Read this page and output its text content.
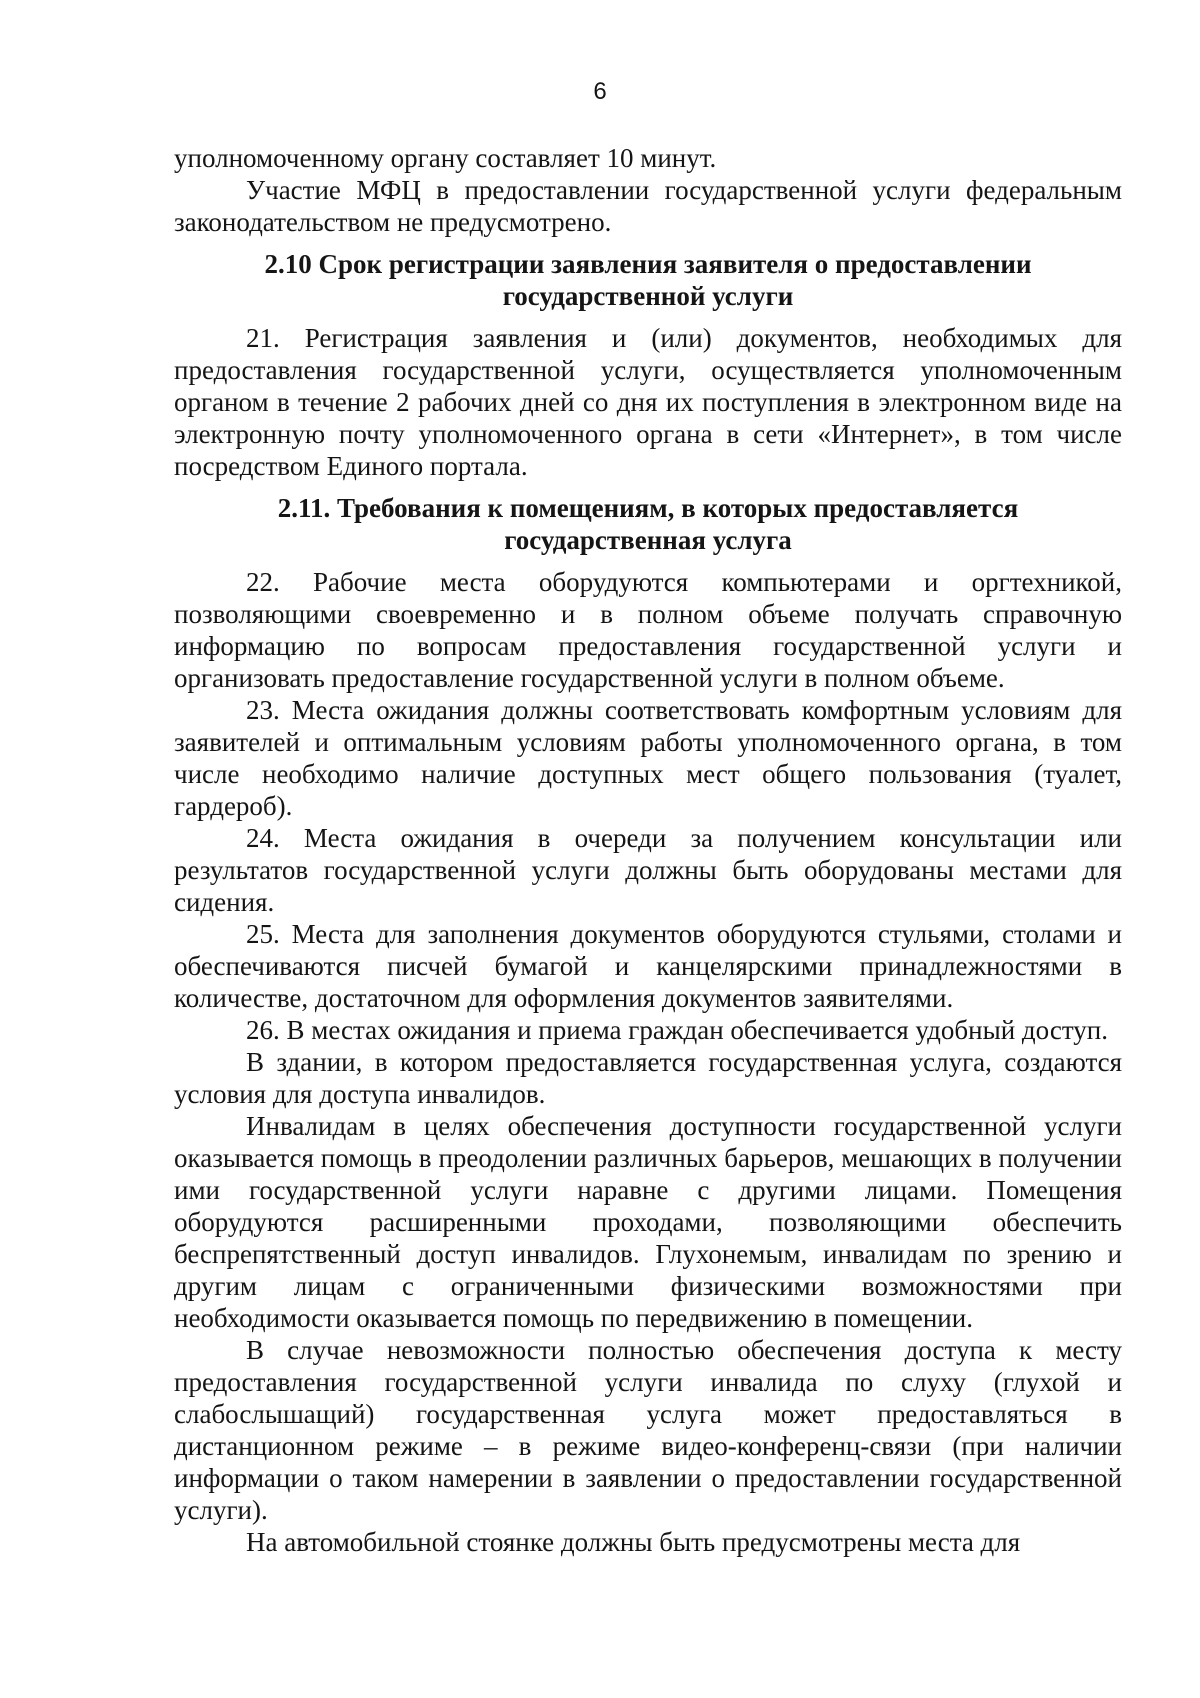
6

уполномоченному органу составляет 10 минут.

Участие МФЦ в предоставлении государственной услуги федеральным законодательством не предусмотрено.

2.10 Срок регистрации заявления заявителя о предоставлении
государственной услуги

21. Регистрация заявления и (или) документов, необходимых для предоставления государственной услуги, осуществляется уполномоченным органом в течение 2 рабочих дней со дня их поступления в электронном виде на электронную почту уполномоченного органа в сети «Интернет», в том числе посредством Единого портала.

2.11. Требования к помещениям, в которых предоставляется
государственная услуга

22. Рабочие места оборудуются компьютерами и оргтехникой, позволяющими своевременно и в полном объеме получать справочную информацию по вопросам предоставления государственной услуги и организовать предоставление государственной услуги в полном объеме.

23. Места ожидания должны соответствовать комфортным условиям для заявителей и оптимальным условиям работы уполномоченного органа, в том числе необходимо наличие доступных мест общего пользования (туалет, гардероб).

24. Места ожидания в очереди за получением консультации или результатов государственной услуги должны быть оборудованы местами для сидения.

25. Места для заполнения документов оборудуются стульями, столами и обеспечиваются писчей бумагой и канцелярскими принадлежностями в количестве, достаточном для оформления документов заявителями.

26. В местах ожидания и приема граждан обеспечивается удобный доступ.

В здании, в котором предоставляется государственная услуга, создаются условия для доступа инвалидов.

Инвалидам в целях обеспечения доступности государственной услуги оказывается помощь в преодолении различных барьеров, мешающих в получении ими государственной услуги наравне с другими лицами. Помещения оборудуются расширенными проходами, позволяющими обеспечить беспрепятственный доступ инвалидов. Глухонемым, инвалидам по зрению и другим лицам с ограниченными физическими возможностями при необходимости оказывается помощь по передвижению в помещении.

В случае невозможности полностью обеспечения доступа к месту предоставления государственной услуги инвалида по слуху (глухой и слабослышащий) государственная услуга может предоставляться в дистанционном режиме – в режиме видео-конференц-связи (при наличии информации о таком намерении в заявлении о предоставлении государственной услуги).

На автомобильной стоянке должны быть предусмотрены места для
